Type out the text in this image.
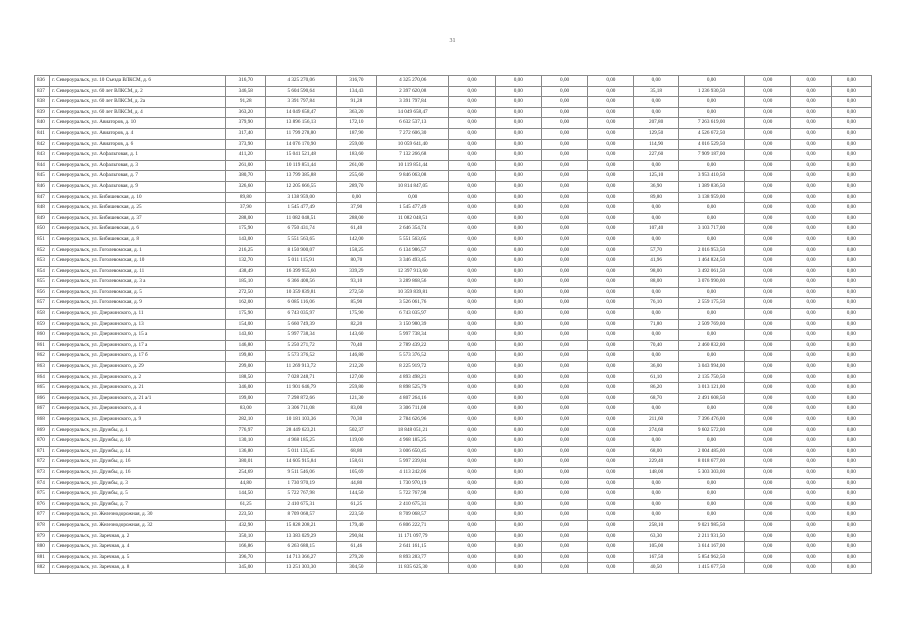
31
836	г. Североуральск, ул. 10 Съезда ВЛКСМ, д. 6	316,70	4 325 270,06	316,70	4 325 270,06	0,00	0,00	0,00	0,00	0,00	0,00	0,00	0,00	0,00
837	г. Североуральск, ул. 60 лет ВЛКСМ, д. 2	346,58	5 604 590,64	134,43	2 397 620,08	0,00	0,00	0,00	0,00	35,18	1 236 930,50	0,00	0,00	0,00
838	г. Североуральск, ул. 60 лет ВЛКСМ, д. 2а	91,28	3 391 797,84	91,28	3 391 797,84	0,00	0,00	0,00	0,00	0,00	0,00	0,00	0,00	0,00
839	г. Североуральск, ул. 60 лет ВЛКСМ, д. 4	363,20	14 049 658,47	363,20	14 049 658,47	0,00	0,00	0,00	0,00	0,00	0,00	0,00	0,00	0,00
840	г. Североуральск, ул. Авиаторов, д. 10	379,90	13 896 156,13	172,10	6 632 537,13	0,00	0,00	0,00	0,00	207,80	7 263 619,00	0,00	0,00	0,00
841	г. Североуральск, ул. Авиаторов, д. 4	317,40	11 799 278,80	187,90	7 272 606,30	0,00	0,00	0,00	0,00	129,50	4 526 672,50	0,00	0,00	0,00
842	г. Североуральск, ул. Авиаторов, д. 6	373,90	14 076 170,90	259,00	10 059 641,40	0,00	0,00	0,00	0,00	114,90	4 016 529,50	0,00	0,00	0,00
843	г. Североуральск, ул. Асфальтовая, д. 1	411,20	15 041 521,48	183,60	7 132 266,68	0,00	0,00	0,00	0,00	227,60	7 909 187,00	0,00	0,00	0,00
844	г. Североуральск, ул. Асфальтовая, д. 3	261,00	10 119 851,44	261,00	10 119 851,44	0,00	0,00	0,00	0,00	0,00	0,00	0,00	0,00	0,00
845	г. Североуральск, ул. Асфальтовая, д. 7	380,70	13 799 385,88	255,60	9 846 063,08	0,00	0,00	0,00	0,00	125,10	3 953 410,50	0,00	0,00	0,00
846	г. Североуральск, ул. Асфальтовая, д. 9	326,60	12 205 666,55	289,70	10 814 847,05	0,00	0,00	0,00	0,00	36,90	1 389 836,50	0,00	0,00	0,00
847	г. Североуральск, ул. Бибишевская, д. 10	89,80	3 138 959,00	0,00	0,00	0,00	0,00	0,00	0,00	89,80	3 138 959,00	0,00	0,00	0,00
848	г. Североуральск, ул. Бибишевская, д. 25	37,90	1 545 477,49	37,90	1 545 477,49	0,00	0,00	0,00	0,00	0,00	0,00	0,00	0,00	0,00
849	г. Североуральск, ул. Бибишевская, д. 37	288,00	11 082 048,51	288,00	11 082 048,51	0,00	0,00	0,00	0,00	0,00	0,00	0,00	0,00	0,00
850	г. Североуральск, ул. Бибишевская, д. 6	175,90	6 750 431,74	61,40	2 646 354,74	0,00	0,00	0,00	0,00	107,40	3 103 717,00	0,00	0,00	0,00
851	г. Североуральск, ул. Бибишевская, д. 8	143,00	5 551 563,65	142,00	5 551 563,65	0,00	0,00	0,00	0,00	0,00	0,00	0,00	0,00	0,00
852	г. Североуральск, ул. Гоголевомская, д. 1	216,25	8 150 900,07	158,25	6 134 986,57	0,00	0,00	0,00	0,00	57,70	2 016 953,50	0,00	0,00	0,00
853	г. Североуральск, ул. Гоголевомская, д. 10	132,70	5 011 115,91	80,70	3 346 493,45	0,00	0,00	0,00	0,00	41,96	1 464 824,50	0,00	0,00	0,00
854	г. Североуральск, ул. Гоголевомская, д. 11	438,49	16 399 955,60	339,29	12 397 913,60	0,00	0,00	0,00	0,00	98,00	3 492 061,50	0,00	0,00	0,00
855	г. Североуральск, ул. Гоголевомская, д. 3 а	185,10	6 366 408,56	93,10	3 289 868,56	0,00	0,00	0,00	0,00	88,00	3 076 990,00	0,00	0,00	0,00
856	г. Североуральск, ул. Гоголевомская, д. 5	272,50	10 359 839,81	272,50	10 359 839,81	0,00	0,00	0,00	0,00	0,00	0,00	0,00	0,00	0,00
857	г. Североуральск, ул. Гоголевомская, д. 9	162,00	6 085 116,06	85,90	3 526 061,76	0,00	0,00	0,00	0,00	76,10	2 559 175,50	0,00	0,00	0,00
858	г. Североуральск, ул. Дзержинского, д. 11	175,90	6 743 035,97	175,90	6 743 035,97	0,00	0,00	0,00	0,00	0,00	0,00	0,00	0,00	0,00
859	г. Североуральск, ул. Дзержинского, д. 13	154,00	5 660 749,39	82,20	3 150 980,39	0,00	0,00	0,00	0,00	71,80	2 509 769,00	0,00	0,00	0,00
860	г. Североуральск, ул. Дзержинского, д. 15 а	143,60	5 997 738,34	143,60	5 997 738,34	0,00	0,00	0,00	0,00	0,00	0,00	0,00	0,00	0,00
861	г. Североуральск, ул. Дзержинского, д. 17 а	146,80	5 250 271,72	70,40	2 789 439,22	0,00	0,00	0,00	0,00	70,40	2 460 832,00	0,00	0,00	0,00
862	г. Североуральск, ул. Дзержинского, д. 17 б	199,80	5 573 376,52	146,80	5 573 376,52	0,00	0,00	0,00	0,00	0,00	0,00	0,00	0,00	0,00
863	г. Североуральск, ул. Дзержинского, д. 29	299,00	11 269 913,72	212,20	8 225 919,72	0,00	0,00	0,00	0,00	36,00	3 043 994,00	0,00	0,00	0,00
864	г. Североуральск, ул. Дзержинского, д. 2	188,50	7 028 248,71	127,00	4 893 498,21	0,00	0,00	0,00	0,00	61,10	2 135 750,50	0,00	0,00	0,00
865	г. Североуральск, ул. Дзержинского, д. 21	346,00	11 901 646,79	259,80	8 898 525,79	0,00	0,00	0,00	0,00	86,20	3 013 121,00	0,00	0,00	0,00
866	г. Североуральск, ул. Дзержинского, д. 21 а/1	199,00	7 298 872,66	121,30	4 807 264,16	0,00	0,00	0,00	0,00	68,70	2 491 608,50	0,00	0,00	0,00
867	г. Североуральск, ул. Дзержинского, д. 4	83,00	3 306 711,08	83,00	3 306 711,08	0,00	0,00	0,00	0,00	0,00	0,00	0,00	0,00	0,00
868	г. Североуральск, ул. Дзержинского, д. 9	282,10	10 181 103,36	70,30	2 784 626,96	0,00	0,00	0,00	0,00	211,60	7 396 476,00	0,00	0,00	0,00
869	г. Североуральск, ул. Дружбы, д. 1	776,97	28 449 623,21	502,37	18 848 051,21	0,00	0,00	0,00	0,00	274,60	9 602 572,00	0,00	0,00	0,00
870	г. Североуральск, ул. Дружбы, д. 10	130,10	4 968 185,25	119,00	4 968 185,25	0,00	0,00	0,00	0,00	0,00	0,00	0,00	0,00	0,00
871	г. Североуральск, ул. Дружбы, д. 14	136,80	5 011 135,45	68,80	3 006 650,45	0,00	0,00	0,00	0,00	68,00	2 004 485,00	0,00	0,00	0,00
872	г. Североуральск, ул. Дружбы, д. 16	380,01	14 605 915,84	158,61	5 997 239,84	0,00	0,00	0,00	0,00	229,40	8 018 677,00	0,00	0,00	0,00
873	г. Североуральск, ул. Дружбы, д. 16	254,69	9 511 546,06	105,69	4 113 242,06	0,00	0,00	0,00	0,00	148,00	5 303 303,00	0,00	0,00	0,00
874	г. Североуральск, ул. Дружбы, д. 3	44,80	1 730 970,19	44,80	1 730 970,19	0,00	0,00	0,00	0,00	0,00	0,00	0,00	0,00	0,00
875	г. Североуральск, ул. Дружбы, д. 5	144,50	5 722 767,98	144,50	5 722 767,98	0,00	0,00	0,00	0,00	0,00	0,00	0,00	0,00	0,00
876	г. Североуральск, ул. Дружбы, д. 7	61,25	2 410 675,31	61,25	2 410 675,31	0,00	0,00	0,00	0,00	0,00	0,00	0,00	0,00	0,00
877	г. Североуральск, ул. Железнодорожная, д. 30	223,50	8 709 068,57	223,50	8 709 068,57	0,00	0,00	0,00	0,00	0,00	0,00	0,00	0,00	0,00
878	г. Североуральск, ул. Железнодорожная, д. 32	432,90	15 828 208,21	179,40	6 806 222,71	0,00	0,00	0,00	0,00	258,10	9 021 985,50	0,00	0,00	0,00
879	г. Североуральск, ул. Заречная, д. 2	350,10	13 383 029,29	290,84	11 171 097,79	0,00	0,00	0,00	0,00	63,30	2 211 931,50	0,00	0,00	0,00
880	г. Североуральск, ул. Заречная, д. 4	166,86	6 263 688,15	61,46	2 641 161,15	0,00	0,00	0,00	0,00	105,00	3 614 167,00	0,00	0,00	0,00
881	г. Североуральск, ул. Заречная, д. 5	396,70	14 713 366,27	279,20	8 893 283,77	0,00	0,00	0,00	0,00	167,50	5 854 962,50	0,00	0,00	0,00
882	г. Североуральск, ул. Заречная, д. 8	345,00	13 251 303,30	304,50	11 835 625,30	0,00	0,00	0,00	0,00	40,50	1 415 677,50	0,00	0,00	0,00
